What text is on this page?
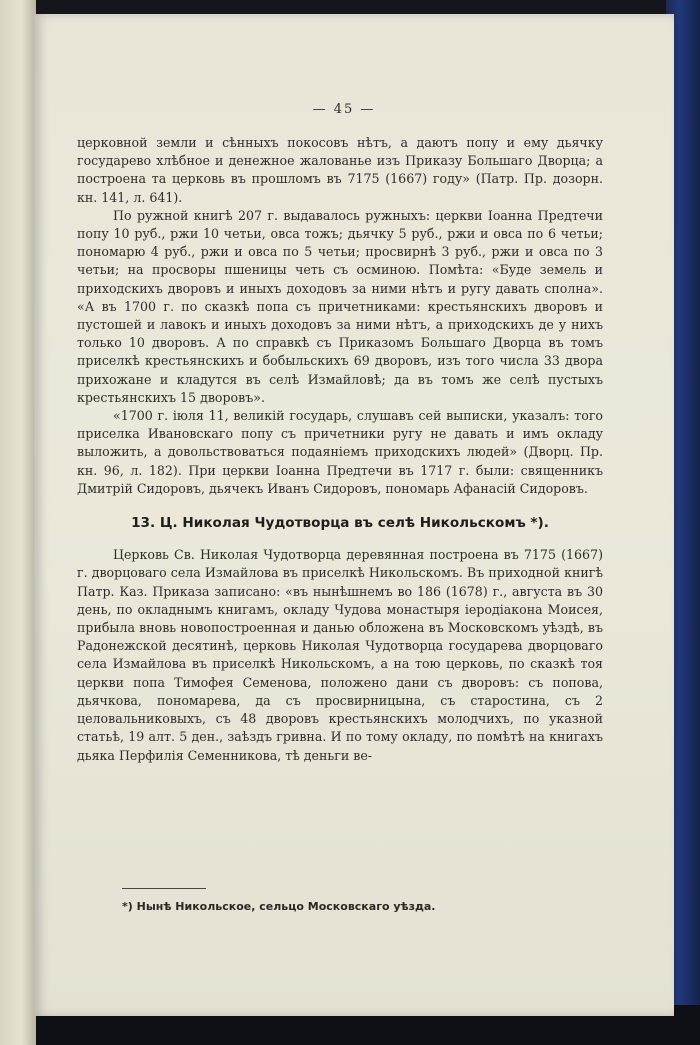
— 45 —

церковной земли и сѣнныхъ покосовъ нѣтъ, а даютъ попу и ему дьячку государево хлѣбное и денежное жалованье изъ Приказу Большаго Дворца; а построена та церковь въ прошломъ въ 7175 (1667) году» (Патр. Пр. дозорн. кн. 141, л. 641).

По ружной книгѣ 207 г. выдавалось ружныхъ: церкви Іоанна Предтечи попу 10 руб., ржи 10 четьи, овса тожъ; дьячку 5 руб., ржи и овса по 6 четьи; пономарю 4 руб., ржи и овса по 5 четьи; просвирнѣ 3 руб., ржи и овса по 3 четьи; на просворы пшеницы четь съ осминою. Помѣта: «Буде земель и приходскихъ дворовъ и иныхъ доходовъ за ними нѣтъ и ругу давать сполна». «А въ 1700 г. по сказкѣ попа съ причетниками: крестьянскихъ дворовъ и пустошей и лавокъ и иныхъ доходовъ за ними нѣтъ, а приходскихъ де у нихъ только 10 дворовъ. А по справкѣ съ Приказомъ Большаго Дворца въ томъ приселкѣ крестьянскихъ и бобыльскихъ 69 дворовъ, изъ того числа 33 двора прихожане и кладутся въ селѣ Измайловѣ; да въ томъ же селѣ пустыхъ крестьянскихъ 15 дворовъ».

«1700 г. іюля 11, великій государь, слушавъ сей выписки, указалъ: того приселка Ивановскаго попу съ причетники ругу не давать и имъ окладу выложить, а довольствоваться подаяніемъ приходскихъ людей» (Дворц. Пр. кн. 96, л. 182). При церкви Іоанна Предтечи въ 1717 г. были: священникъ Дмитрій Сидоровъ, дьячекъ Иванъ Сидоровъ, пономарь Афанасій Сидоровъ.

13. Ц. Николая Чудотворца въ селѣ Никольскомъ *).

Церковь Св. Николая Чудотворца деревянная построена въ 7175 (1667) г. дворцоваго села Измайлова въ приселкѣ Никольскомъ. Въ приходной книгѣ Патр. Каз. Приказа записано: «въ нынѣшнемъ во 186 (1678) г., августа въ 30 день, по окладнымъ книгамъ, окладу Чудова монастыря іеродіакона Моисея, прибыла вновь новопостроенная и данью обложена въ Московскомъ уѣздѣ, въ Радонежской десятинѣ, церковь Николая Чудотворца государева дворцоваго села Измайлова въ приселкѣ Никольскомъ, а на тою церковь, по сказкѣ тоя церкви попа Тимофея Семенова, положено дани съ дворовъ: съ попова, дьячкова, пономарева, да съ просвирницына, съ старостина, съ 2 целовальниковыхъ, съ 48 дворовъ крестьянскихъ молодчихъ, по указной статьѣ, 19 алт. 5 ден., заѣздъ гривна. И по тому окладу, по помѣтѣ на книгахъ дьяка Перфилія Семенникова, тѣ деньги ве-

*) Нынѣ Никольское, сельцо Московскаго уѣзда.
